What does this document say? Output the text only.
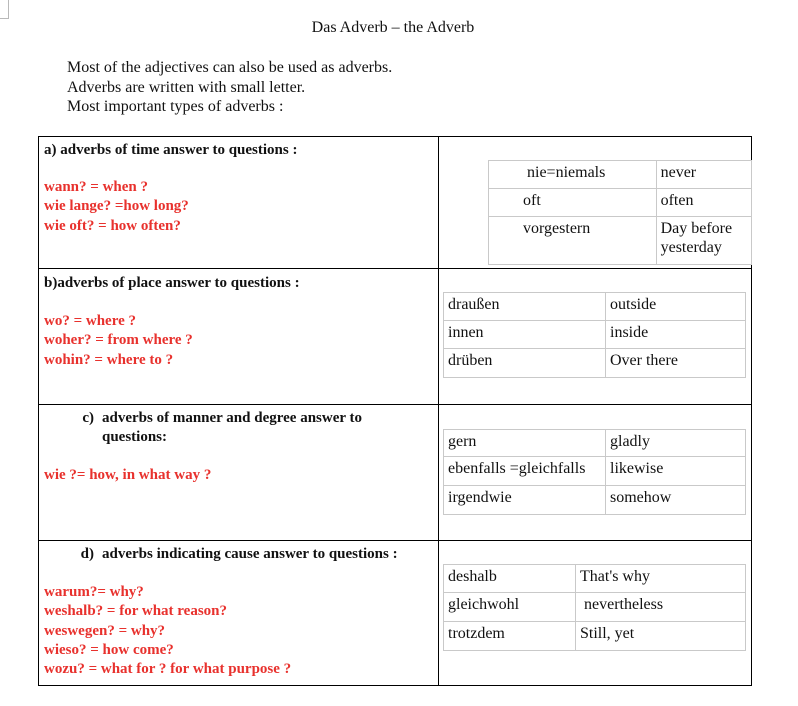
Das Adverb – the Adverb
Most of the adjectives can also be used as adverbs.
Adverbs are written with small letter.
Most important types of adverbs :
a) adverbs of time answer to questions :
wann? = when ?
wie lange? =how long?
wie oft? = how often?
nie=niemals	never
oft	often
vorgestern	Day before yesterday
b)adverbs of place answer to questions :
wo? = where ?
woher? = from where ?
wohin? = where to ?
draußen	outside
innen	inside
drüben	Over there
c) adverbs of manner and degree answer to questions:
wie ?= how, in what way ?
gern	gladly
ebenfalls =gleichfalls	likewise
irgendwie	somehow
d) adverbs indicating cause answer to questions :
warum?= why?
weshalb? = for what reason?
weswegen? = why?
wieso? = how come?
wozu? = what for ? for what purpose ?
deshalb	That's why
gleichwohl	nevertheless
trotzdem	Still, yet
